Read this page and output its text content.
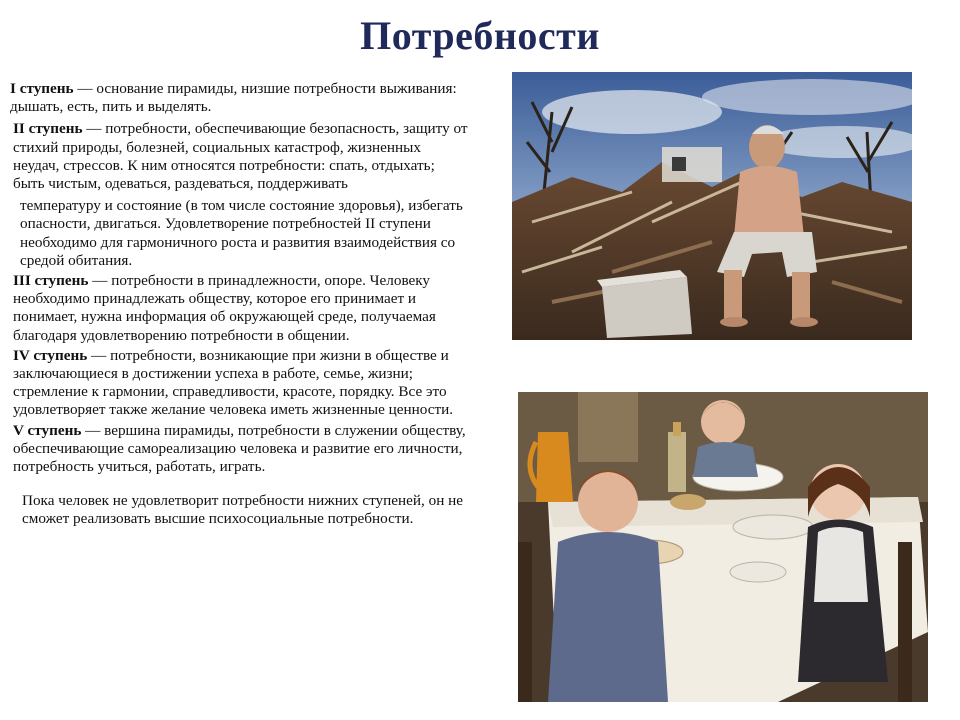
Потребности

I ступень — основание пирамиды, низшие потребности выживания: дышать, есть, пить и выделять.

II ступень — потребности, обеспечивающие безопасность, защиту от стихий природы, болезней, социальных катастроф, жизненных неудач, стрессов. К ним относятся потребности: спать, отдыхать; быть чистым, одеваться, раздеваться, поддерживать

температуру и состояние (в том числе состояние здоровья), избегать опасности, двигаться. Удовлетворение потребностей II ступени необходимо для гармоничного роста и развития взаимодействия со средой обитания.

III ступень — потребности в принадлежности, опоре. Человеку необходимо принадлежать обществу, которое его принимает и понимает, нужна информация об окружающей среде, получаемая благодаря удовлетворению потребности в общении.

IV ступень — потребности, возникающие при жизни в обществе и заключающиеся в достижении успеха в работе, семье, жизни; стремление к гармонии, справедливости, красоте, порядку. Все это удовлетворяет также желание человека иметь жизненные ценности.

V ступень — вершина пирамиды, потребности в служении обществу, обеспечивающие самореализацию человека и развитие его личности, потребность учиться, работать, играть.

Пока человек не удовлетворит потребности нижних ступеней, он не сможет реализовать высшие психосоциальные потребности.
